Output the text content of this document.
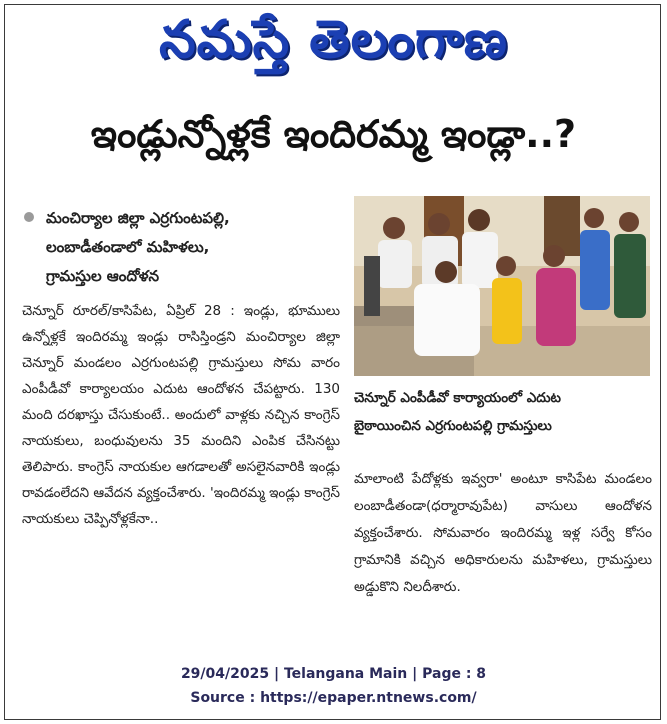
నమస్తే తెలంగాణ
ఇండ్లున్నోళ్లకే ఇందిరమ్మ ఇండ్లా..?
మంచిర్యాల జిల్లా ఎర్రగుంటపల్లి,
లంబాడీతండాలో మహిళలు,
గ్రామస్తుల ఆందోళన
చెన్నూర్ రూరల్/కాసిపేట, ఏప్రిల్ 28 : ఇండ్లు, భూములు ఉన్నోళ్లకే ఇందిరమ్మ ఇండ్లు రాసిస్తిండ్రని మంచిర్యాల జిల్లా చెన్నూర్ మండలం ఎర్రగుంటపల్లి గ్రామస్తులు సోమ వారం ఎంపీడీవో కార్యాలయం ఎదుట ఆందోళన చేపట్టారు. 130 మంది దరఖాస్తు చేసుకుంటే.. అందులో వాళ్లకు నచ్చిన కాంగ్రెస్ నాయకులు, బంధువులను 35 మందిని ఎంపిక చేసినట్టు తెలిపారు. కాంగ్రెస్ నాయకుల ఆగడాలతో అసలైనవారికి ఇండ్లు రావడంలేదని ఆవేదన వ్యక్తంచేశారు. 'ఇందిరమ్మ ఇండ్లు కాంగ్రెస్ నాయకులు చెప్పినోళ్లకేనా..
చెన్నూర్ ఎంపీడీవో కార్యాయంలో ఎదుట
బైఠాయించిన ఎర్రగుంటపల్లి గ్రామస్తులు
మాలాంటి పేదోళ్లకు ఇవ్వరా' అంటూ కాసిపేట మండలం లంబాడీతండా(ధర్మారావుపేట) వాసులు ఆందోళన వ్యక్తంచేశారు. సోమవారం ఇందిరమ్మ ఇళ్ల సర్వే కోసం గ్రామానికి వచ్చిన అధికారులను మహిళలు, గ్రామస్తులు అడ్డుకొని నిలదీశారు.
29/04/2025 | Telangana Main | Page : 8
Source : https://epaper.ntnews.com/
